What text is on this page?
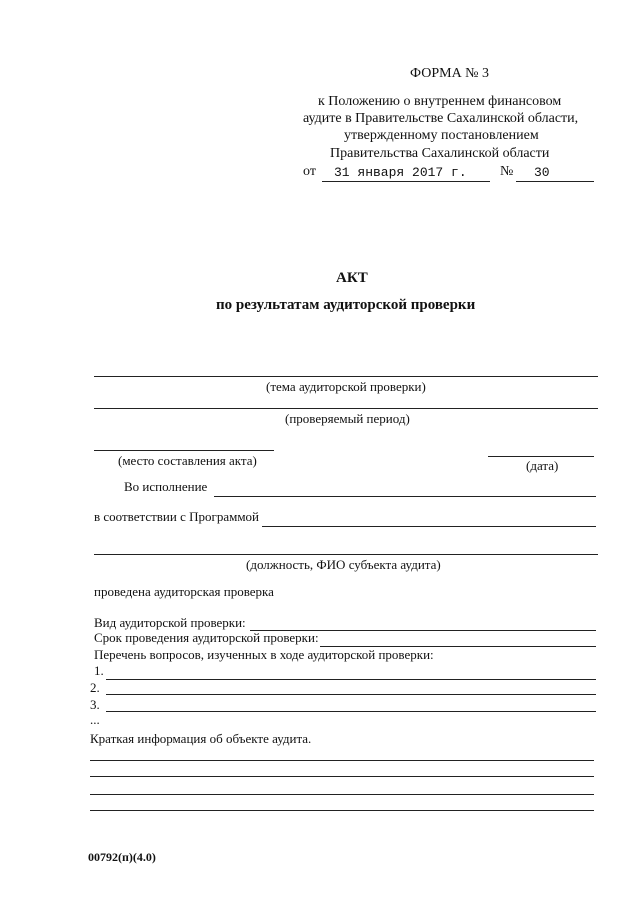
ФОРМА № 3
к Положению о внутреннем финансовом
аудите в Правительстве Сахалинской области,
утвержденному постановлением
Правительства Сахалинской области
от 31 января 2017 г. № 30
АКТ
по результатам аудиторской проверки
(тема аудиторской проверки)
(проверяемый период)
(место составления акта)	(дата)
Во исполнение
в соответствии с Программой
(должность, ФИО субъекта аудита)
проведена аудиторская проверка
Вид аудиторской проверки:
Срок проведения аудиторской проверки:
Перечень вопросов, изученных в ходе аудиторской проверки:
1.
2.
3.
...
Краткая информация об объекте аудита.
00792(п)(4.0)
